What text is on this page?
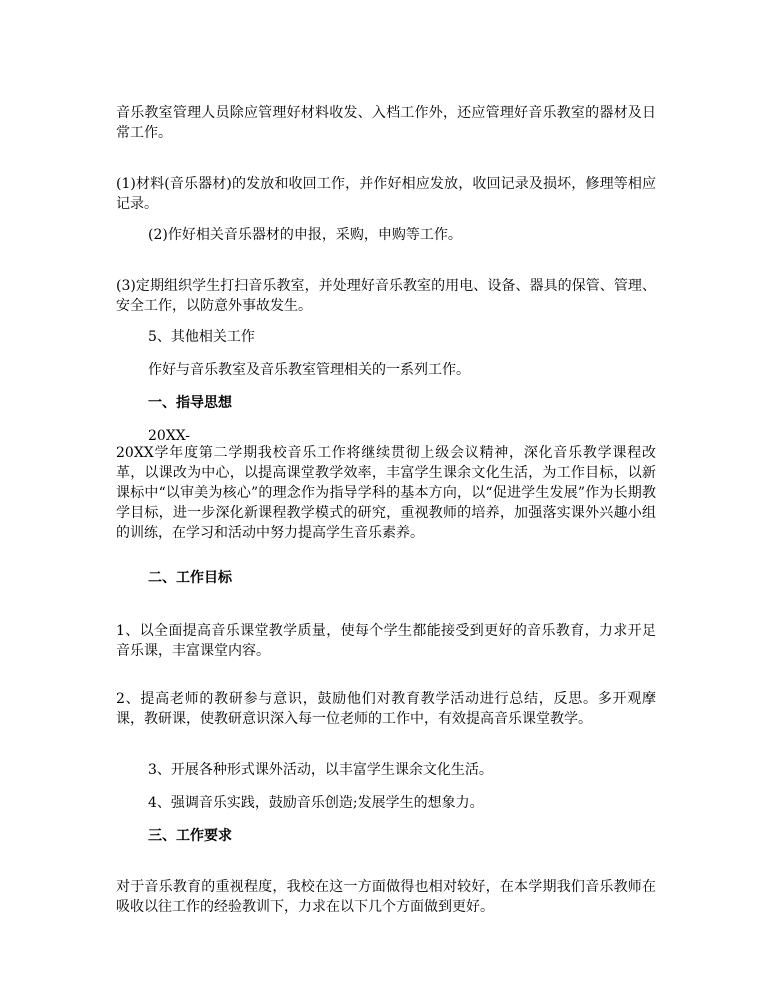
音乐教室管理人员除应管理好材料收发、入档工作外，还应管理好音乐教室的器材及日常工作。

(1)材料(音乐器材)的发放和收回工作，并作好相应发放，收回记录及损坏，修理等相应记录。

(2)作好相关音乐器材的申报，采购，申购等工作。

(3)定期组织学生打扫音乐教室，并处理好音乐教室的用电、设备、器具的保管、管理、安全工作，以防意外事故发生。

5、其他相关工作

作好与音乐教室及音乐教室管理相关的一系列工作。

一、指导思想

20XX-

20XX学年度第二学期我校音乐工作将继续贯彻上级会议精神，深化音乐教学课程改革，以课改为中心，以提高课堂教学效率，丰富学生课余文化生活，为工作目标，以新课标中“以审美为核心”的理念作为指导学科的基本方向，以“促进学生发展”作为长期教学目标，进一步深化新课程教学模式的研究，重视教师的培养，加强落实课外兴趣小组的训练，在学习和活动中努力提高学生音乐素养。

二、工作目标

1、以全面提高音乐课堂教学质量，使每个学生都能接受到更好的音乐教育，力求开足音乐课，丰富课堂内容。

2、提高老师的教研参与意识，鼓励他们对教育教学活动进行总结，反思。多开观摩课，教研课，使教研意识深入每一位老师的工作中，有效提高音乐课堂教学。

3、开展各种形式课外活动，以丰富学生课余文化生活。

4、强调音乐实践，鼓励音乐创造;发展学生的想象力。

三、工作要求

对于音乐教育的重视程度，我校在这一方面做得也相对较好，在本学期我们音乐教师在吸收以往工作的经验教训下，力求在以下几个方面做到更好。
